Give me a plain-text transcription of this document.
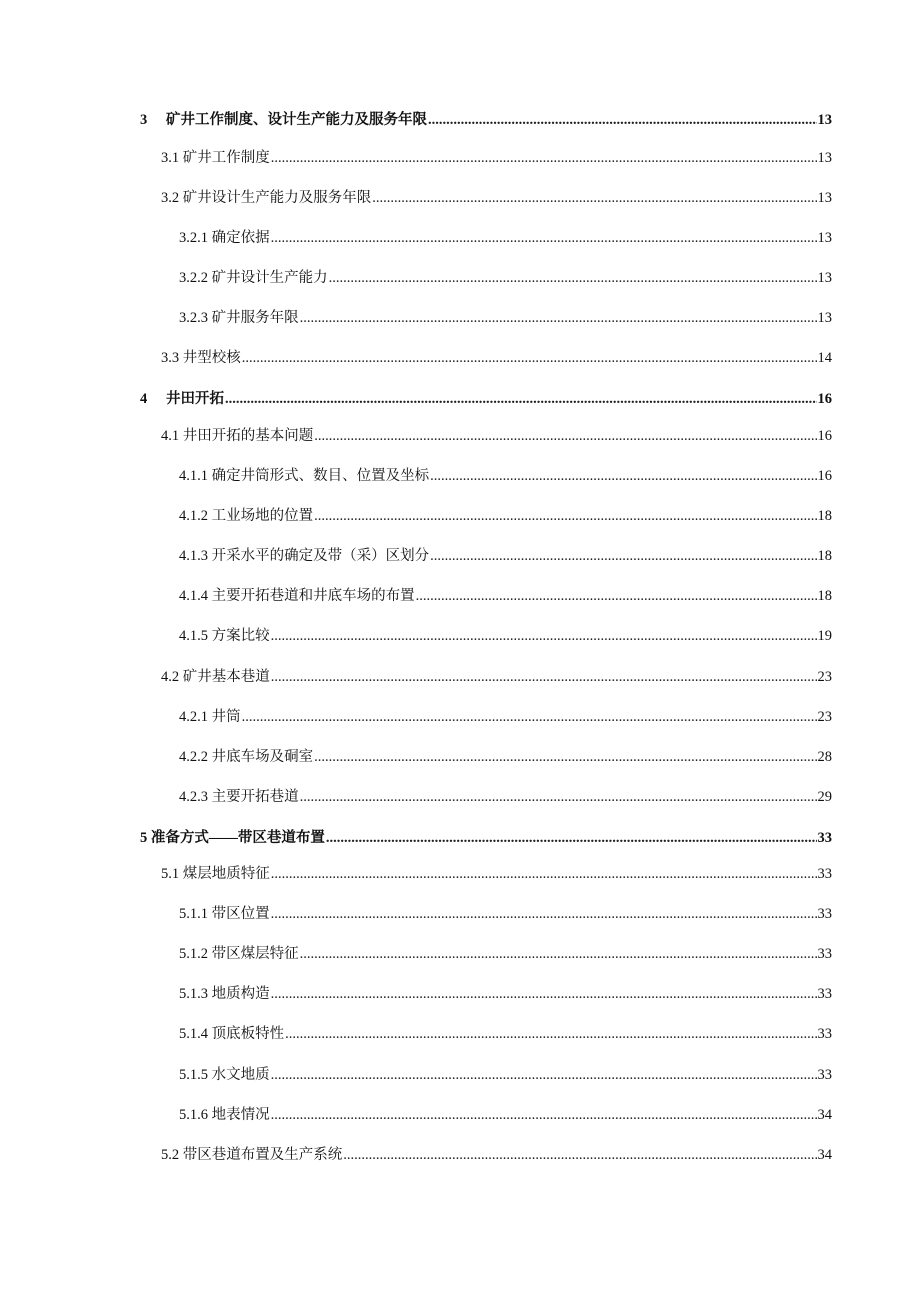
3 矿井工作制度、设计生产能力及服务年限 .....	13
3.1 矿井工作制度 .....	13
3.2 矿井设计生产能力及服务年限 .....	13
3.2.1 确定依据 .....	13
3.2.2 矿井设计生产能力 .....	13
3.2.3 矿井服务年限 .....	13
3.3 井型校核 .....	14
4 井田开拓 .....	16
4.1 井田开拓的基本问题 .....	16
4.1.1 确定井筒形式、数目、位置及坐标 .....	16
4.1.2 工业场地的位置 .....	18
4.1.3 开采水平的确定及带（采）区划分 .....	18
4.1.4 主要开拓巷道和井底车场的布置 .....	18
4.1.5 方案比较 .....	19
4.2 矿井基本巷道 .....	23
4.2.1 井筒 .....	23
4.2.2 井底车场及硐室 .....	28
4.2.3 主要开拓巷道 .....	29
5 准备方式——带区巷道布置 .....	33
5.1 煤层地质特征 .....	33
5.1.1 带区位置 .....	33
5.1.2 带区煤层特征 .....	33
5.1.3 地质构造 .....	33
5.1.4 顶底板特性 .....	33
5.1.5 水文地质 .....	33
5.1.6 地表情况 .....	34
5.2 带区巷道布置及生产系统 .....	34
